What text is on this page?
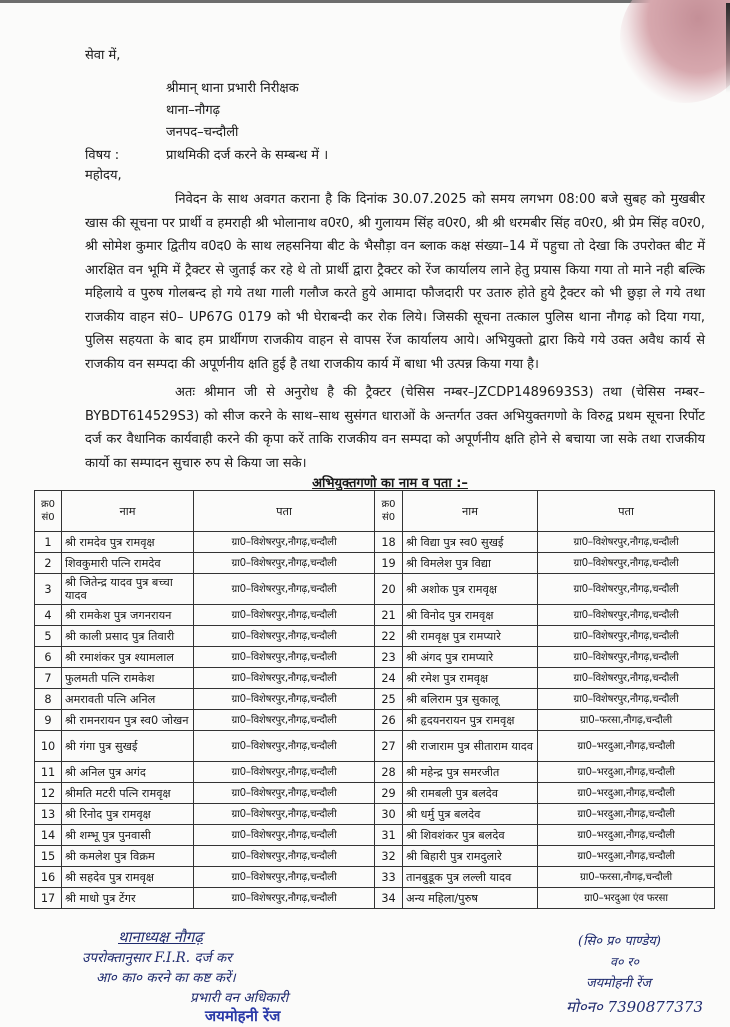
सेवा में,
श्रीमान् थाना प्रभारी निरीक्षक
थाना–नौगढ़
जनपद–चन्दौली
विषय :	प्राथमिकी दर्ज करने के सम्बन्ध में ।
महोदय,
निवेदन के साथ अवगत कराना है कि दिनांक 30.07.2025 को समय लगभग 08:00 बजे सुबह को मुखबीर खास की सूचना पर प्रार्थी व हमराही श्री भोलानाथ व0र0, श्री गुलायम सिंह व0र0, श्री श्री धरमबीर सिंह व0र0, श्री प्रेम सिंह व0र0, श्री सोमेश कुमार द्वितीय व0द0 के साथ लहसनिया बीट के भैसौड़ा वन ब्लाक कक्ष संख्या–14 में पहुचा तो देखा कि उपरोक्त बीट में आरक्षित वन भूमि में ट्रैक्टर से जुताई कर रहे थे तो प्रार्थी द्वारा ट्रैक्टर को रेंज कार्यालय लाने हेतु प्रयास किया गया तो माने नही बल्कि महिलाये व पुरुष गोलबन्द हो गये तथा गाली गलौज करते हुये आमादा फौजदारी पर उतारु होते हुये ट्रैक्टर को भी छुड़ा ले गये तथा राजकीय वाहन सं0– UP67G 0179 को भी घेराबन्दी कर रोक लिये। जिसकी सूचना तत्काल पुलिस थाना नौगढ़ को दिया गया, पुलिस सहयता के बाद हम प्रार्थीगण राजकीय वाहन से वापस रेंज कार्यालय आये। अभियुक्तो द्वारा किये गये उक्त अवैध कार्य से राजकीय वन सम्पदा की अपूर्णनीय क्षति हुई है तथा राजकीय कार्य में बाधा भी उत्पन्न किया गया है।
अतः श्रीमान जी से अनुरोध है की ट्रैक्टर (चेसिस नम्बर–JZCDP1489693S3) तथा (चेसिस नम्बर–BYBDT614529S3) को सीज करने के साथ–साथ सुसंगत धाराओं के अन्तर्गत उक्त अभियुक्तगणो के विरुद्व प्रथम सूचना रिर्पोट दर्ज कर वैधानिक कार्यवाही करने की कृपा करें ताकि राजकीय वन सम्पदा को अपूर्णनीय क्षति होने से बचाया जा सके तथा राजकीय कार्यो का सम्पादन सुचारु रुप से किया जा सके।
अभियुक्तगणो का नाम व पता :–
क्र0 सं0	नाम	पता	क्र0 सं0	नाम	पता
1	श्री रामदेव पुत्र रामवृक्ष	ग्रा0–विशेषरपुर,नौगढ़,चन्दौली	18	श्री विद्या पुत्र स्व0 सुखई	ग्रा0–विशेषरपुर,नौगढ़,चन्दौली
2	शिवकुमारी पत्नि रामदेव	ग्रा0–विशेषरपुर,नौगढ़,चन्दौली	19	श्री विमलेश पुत्र विद्या	ग्रा0–विशेषरपुर,नौगढ़,चन्दौली
3	श्री जितेन्द्र यादव पुत्र बच्चा यादव	ग्रा0–विशेषरपुर,नौगढ़,चन्दौली	20	श्री अशोक पुत्र रामवृक्ष	ग्रा0–विशेषरपुर,नौगढ़,चन्दौली
4	श्री रामकेश पुत्र जगनरायन	ग्रा0–विशेषरपुर,नौगढ़,चन्दौली	21	श्री विनोद पुत्र रामवृक्ष	ग्रा0–विशेषरपुर,नौगढ़,चन्दौली
5	श्री काली प्रसाद पुत्र तिवारी	ग्रा0–विशेषरपुर,नौगढ़,चन्दौली	22	श्री रामवृक्ष पुत्र रामप्यारे	ग्रा0–विशेषरपुर,नौगढ़,चन्दौली
6	श्री रमाशंकर पुत्र श्यामलाल	ग्रा0–विशेषरपुर,नौगढ़,चन्दौली	23	श्री अंगद पुत्र रामप्यारे	ग्रा0–विशेषरपुर,नौगढ़,चन्दौली
7	फुलमती पत्नि रामकेश	ग्रा0–विशेषरपुर,नौगढ़,चन्दौली	24	श्री रमेश पुत्र रामवृक्ष	ग्रा0–विशेषरपुर,नौगढ़,चन्दौली
8	अमरावती पत्नि अनिल	ग्रा0–विशेषरपुर,नौगढ़,चन्दौली	25	श्री बलिराम पुत्र सुकालू	ग्रा0–विशेषरपुर,नौगढ़,चन्दौली
9	श्री रामनरायन पुत्र स्व0 जोखन	ग्रा0–विशेषरपुर,नौगढ़,चन्दौली	26	श्री हृदयनरायन पुत्र रामवृक्ष	ग्रा0–फरसा,नौगढ़,चन्दौली
10	श्री गंगा पुत्र सुखई	ग्रा0–विशेषरपुर,नौगढ़,चन्दौली	27	श्री राजाराम पुत्र सीताराम यादव	ग्रा0–भरदुआ,नौगढ़,चन्दौली
11	श्री अनिल पुत्र अगंद	ग्रा0–विशेषरपुर,नौगढ़,चन्दौली	28	श्री महेन्द्र पुत्र समरजीत	ग्रा0–भरदुआ,नौगढ़,चन्दौली
12	श्रीमति मटरी पत्नि रामवृक्ष	ग्रा0–विशेषरपुर,नौगढ़,चन्दौली	29	श्री रामबली पुत्र बलदेव	ग्रा0–भरदुआ,नौगढ़,चन्दौली
13	श्री रिनोद पुत्र रामवृक्ष	ग्रा0–विशेषरपुर,नौगढ़,चन्दौली	30	श्री धर्मु पुत्र बलदेव	ग्रा0–भरदुआ,नौगढ़,चन्दौली
14	श्री शम्भू पुत्र पुनवासी	ग्रा0–विशेषरपुर,नौगढ़,चन्दौली	31	श्री शिवशंकर पुत्र बलदेव	ग्रा0–भरदुआ,नौगढ़,चन्दौली
15	श्री कमलेश पुत्र विक्रम	ग्रा0–विशेषरपुर,नौगढ़,चन्दौली	32	श्री बिहारी पुत्र रामदुलारे	ग्रा0–भरदुआ,नौगढ़,चन्दौली
16	श्री सहदेव पुत्र रामवृक्ष	ग्रा0–विशेषरपुर,नौगढ़,चन्दौली	33	तानबुडूक पुत्र लल्ली यादव	ग्रा0–फरसा,नौगढ़,चन्दौली
17	श्री माधो पुत्र टेंगर	ग्रा0–विशेषरपुर,नौगढ़,चन्दौली	34	अन्य महिला/पुरुष	ग्रा0–भरदुआ एंव फरसा
थानाध्यक्ष नौगढ़
उपरोक्तानुसार F.I.R. दर्ज कर
आ० का० करने का कष्ट करें।
प्रभारी वन अधिकारी
जयमोहनी रेंज
(सि० प्र० पाण्डेय)
व० र०
जयमोहनी रेंज
मो०न० 7390877373
